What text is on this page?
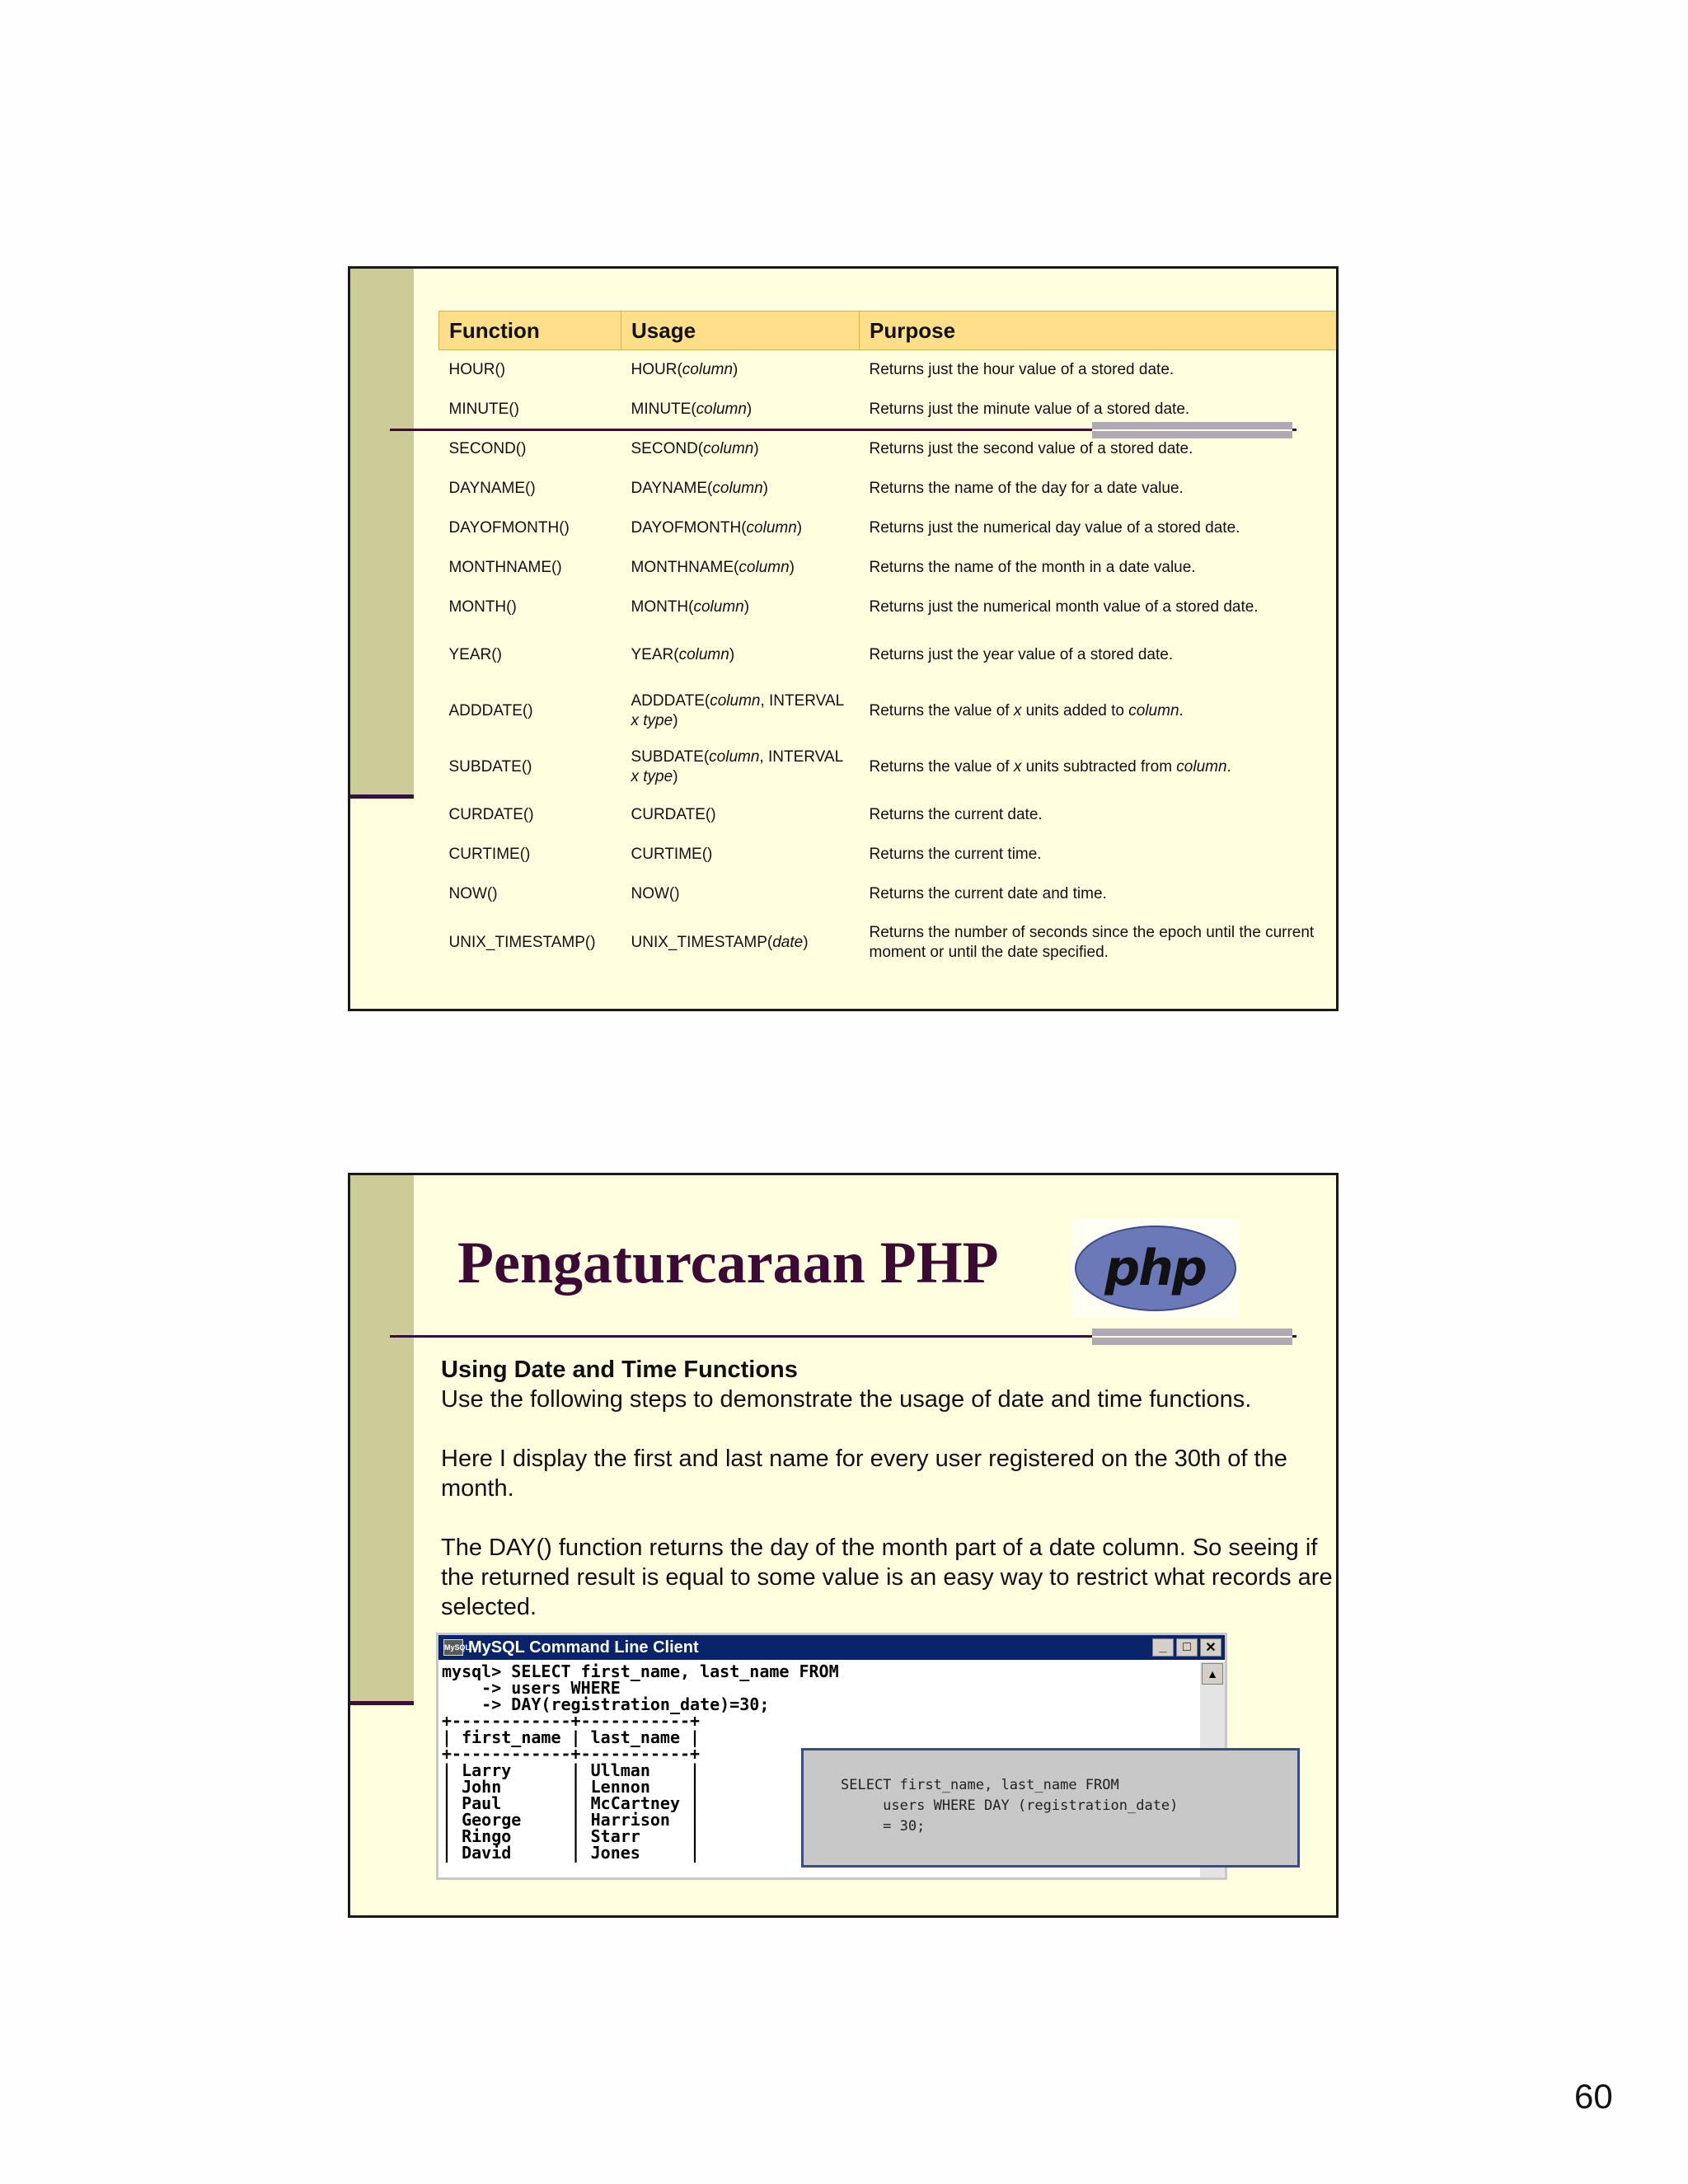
Function	Usage	Purpose
HOUR()	HOUR(column)	Returns just the hour value of a stored date.
MINUTE()	MINUTE(column)	Returns just the minute value of a stored date.
SECOND()	SECOND(column)	Returns just the second value of a stored date.
DAYNAME()	DAYNAME(column)	Returns the name of the day for a date value.
DAYOFMONTH()	DAYOFMONTH(column)	Returns just the numerical day value of a stored date.
MONTHNAME()	MONTHNAME(column)	Returns the name of the month in a date value.
MONTH()	MONTH(column)	Returns just the numerical month value of a stored date.
YEAR()	YEAR(column)	Returns just the year value of a stored date.
ADDDATE()	ADDDATE(column, INTERVAL x type)	Returns the value of x units added to column.
SUBDATE()	SUBDATE(column, INTERVAL x type)	Returns the value of x units subtracted from column.
CURDATE()	CURDATE()	Returns the current date.
CURTIME()	CURTIME()	Returns the current time.
NOW()	NOW()	Returns the current date and time.
UNIX_TIMESTAMP()	UNIX_TIMESTAMP(date)	Returns the number of seconds since the epoch until the current moment or until the date specified.
Pengaturcaraan PHP php

Using Date and Time Functions
Use the following steps to demonstrate the usage of date and time functions.

Here I display the first and last name for every user registered on the 30th of the month.

The DAY() function returns the day of the month part of a date column. So seeing if the returned result is equal to some value is an easy way to restrict what records are selected.

MySQL
MySQL Command Line Client	_	□	✕
mysql> SELECT first_name, last_name FROM
-> users WHERE
-> DAY(registration_date)=30;
+------------+-----------+
| first_name | last_name |
+------------+-----------+
| Larry      | Ullman    |
| John       | Lennon    |
| Paul       | McCartney |
| George     | Harrison  |
| Ringo      | Starr     |
| David      | Jones     |
▲
SELECT first_name, last_name FROM
users WHERE DAY (registration_date)
= 30;
60
